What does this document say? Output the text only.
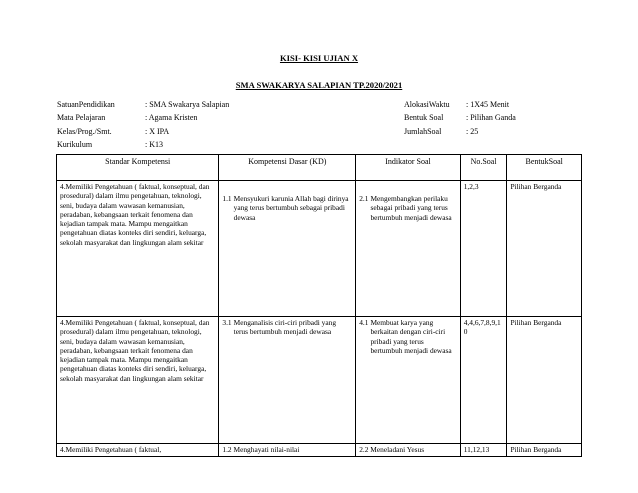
KISI- KISI UJIAN X
SMA SWAKARYA SALAPIAN TP.2020/2021
SatuanPendidikan	: SMA Swakarya Salapian
Mata Pelajaran	: Agama Kristen
Kelas/Prog./Smt.	: X IPA
Kurikulum	: K13
AlokasiWaktu	: 1X45 Menit
Bentuk Soal	: Pilihan Ganda
JumlahSoal	: 25
Standar Kompetensi	Kompetensi Dasar (KD)	Indikator Soal	No.Soal	BentukSoal
4.Memiliki Pengetahuan ( faktual, konseptual, dan prosedural) dalam ilmu pengetahuan, teknologi, seni, budaya dalam wawasan kemanusian, peradaban, kebangsaan terkait fenomena dan kejadian tampak mata. Mampu mengaitkan pengetahuan diatas konteks diri sendiri, keluarga, sekolah masyarakat dan lingkungan alam sekitar	1.1 Mensyukuri karunia Allah bagi dirinya yang terus bertumbuh sebagai pribadi dewasa	2.1 Mengembangkan perilaku sebagai pribadi yang terus bertumbuh menjadi dewasa	1,2,3	Pilihan Berganda
4.Memiliki Pengetahuan ( faktual, konseptual, dan prosedural) dalam ilmu pengetahuan, teknologi, seni, budaya dalam wawasan kemanusian, peradaban, kebangsaan terkait fenomena dan kejadian tampak mata. Mampu mengaitkan pengetahuan diatas konteks diri sendiri, keluarga, sekolah masyarakat dan lingkungan alam sekitar	3.1 Menganalisis ciri-ciri pribadi yang terus bertumbuh menjadi dewasa	4.1 Membuat karya yang berkaitan dengan ciri-ciri pribadi yang terus bertumbuh menjadi dewasa	4,4,6,7,8,9,10	Pilihan Berganda
4.Memiliki Pengetahuan ( faktual,	1.2 Menghayati nilai-nilai	2.2 Meneladani Yesus	11,12,13	Pilihan Berganda
